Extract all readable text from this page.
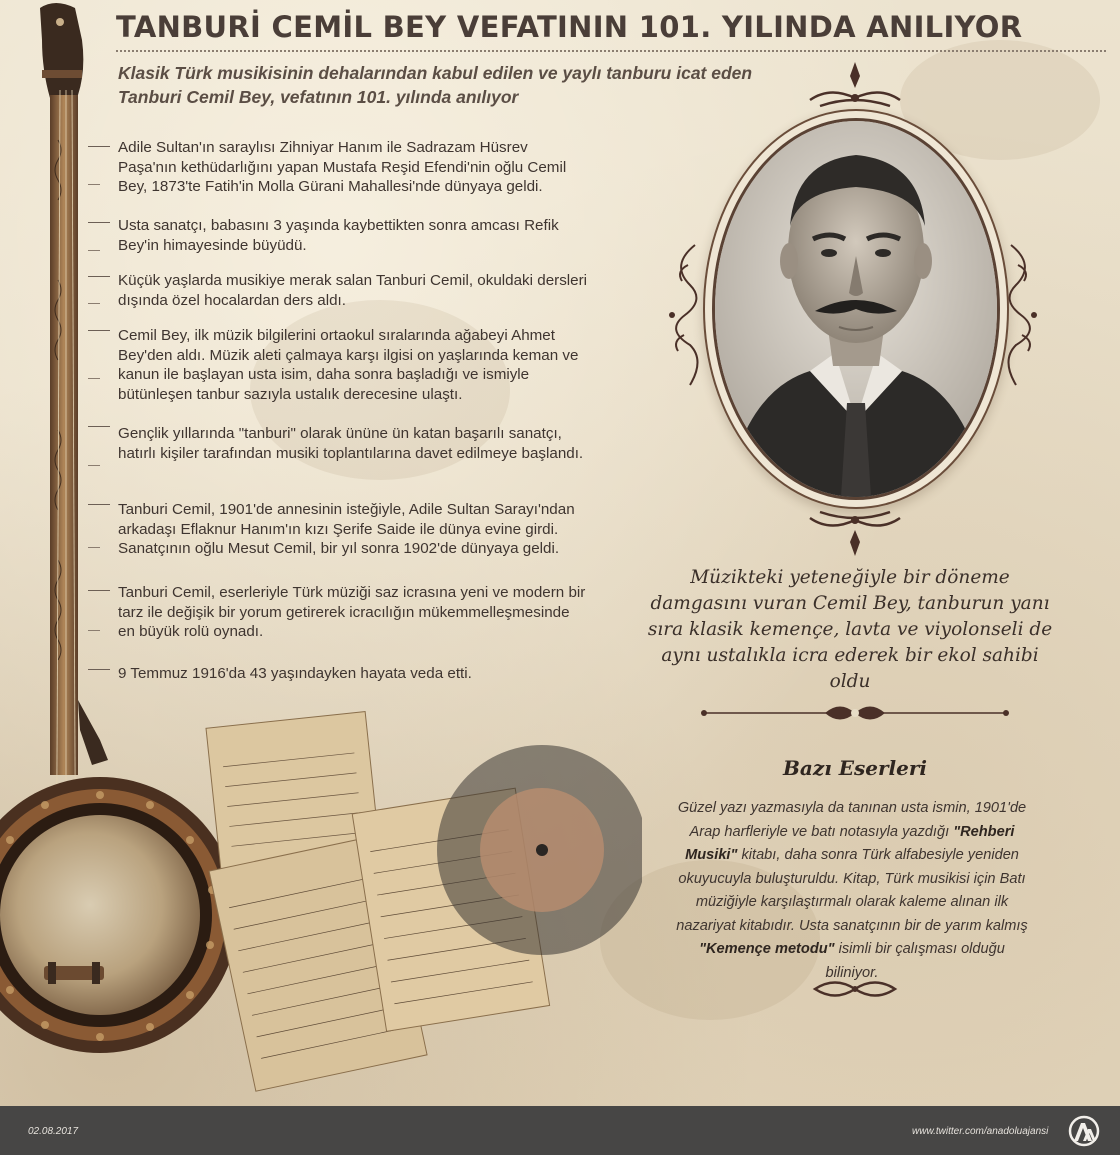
TANBURİ CEMİL BEY VEFATININ 101. YILINDA ANILIYOR
Klasik Türk musikisinin dehalarından kabul edilen ve yaylı tanburu icat eden Tanburi Cemil Bey, vefatının 101. yılında anılıyor
Adile Sultan'ın saraylısı Zihniyar Hanım ile Sadrazam Hüsrev Paşa'nın kethüdarlığını yapan Mustafa Reşid Efendi'nin oğlu Cemil Bey, 1873'te Fatih'in Molla Gürani Mahallesi'nde dünyaya geldi.
Usta sanatçı, babasını 3 yaşında kaybettikten sonra amcası Refik Bey'in himayesinde büyüdü.
Küçük yaşlarda musikiye merak salan Tanburi Cemil, okuldaki dersleri dışında özel hocalardan ders aldı.
Cemil Bey, ilk müzik bilgilerini ortaokul sıralarında ağabeyi Ahmet Bey'den aldı. Müzik aleti çalmaya karşı ilgisi on yaşlarında keman ve kanun ile başlayan usta isim, daha sonra başladığı ve ismiyle bütünleşen tanbur sazıyla ustalık derecesine ulaştı.
Gençlik yıllarında "tanburi" olarak ününe ün katan başarılı sanatçı, hatırlı kişiler tarafından musiki toplantılarına davet edilmeye başlandı.
Tanburi Cemil, 1901'de annesinin isteğiyle, Adile Sultan Sarayı'ndan arkadaşı Eflaknur Hanım'ın kızı Şerife Saide ile dünya evine girdi. Sanatçının oğlu Mesut Cemil, bir yıl sonra 1902'de dünyaya geldi.
Tanburi Cemil, eserleriyle Türk müziği saz icrasına yeni ve modern bir tarz ile değişik bir yorum getirerek icracılığın mükemmelleşmesinde en büyük rolü oynadı.
9 Temmuz 1916'da 43 yaşındayken hayata veda etti.
Müzikteki yeteneğiyle bir döneme damgasını vuran Cemil Bey, tanburun yanı sıra klasik kemençe, lavta ve viyolonseli de aynı ustalıkla icra ederek bir ekol sahibi oldu
Bazı Eserleri
Güzel yazı yazmasıyla da tanınan usta ismin, 1901'de Arap harfleriyle ve batı notasıyla yazdığı "Rehberi Musiki" kitabı, daha sonra Türk alfabesiyle yeniden okuyucuyla buluşturuldu. Kitap, Türk musikisi için Batı müziğiyle karşılaştırmalı olarak kaleme alınan ilk nazariyat kitabıdır. Usta sanatçının bir de yarım kalmış "Kemençe metodu" isimli bir çalışması olduğu biliniyor.
02.08.2017	www.twitter.com/anadoluajansi
